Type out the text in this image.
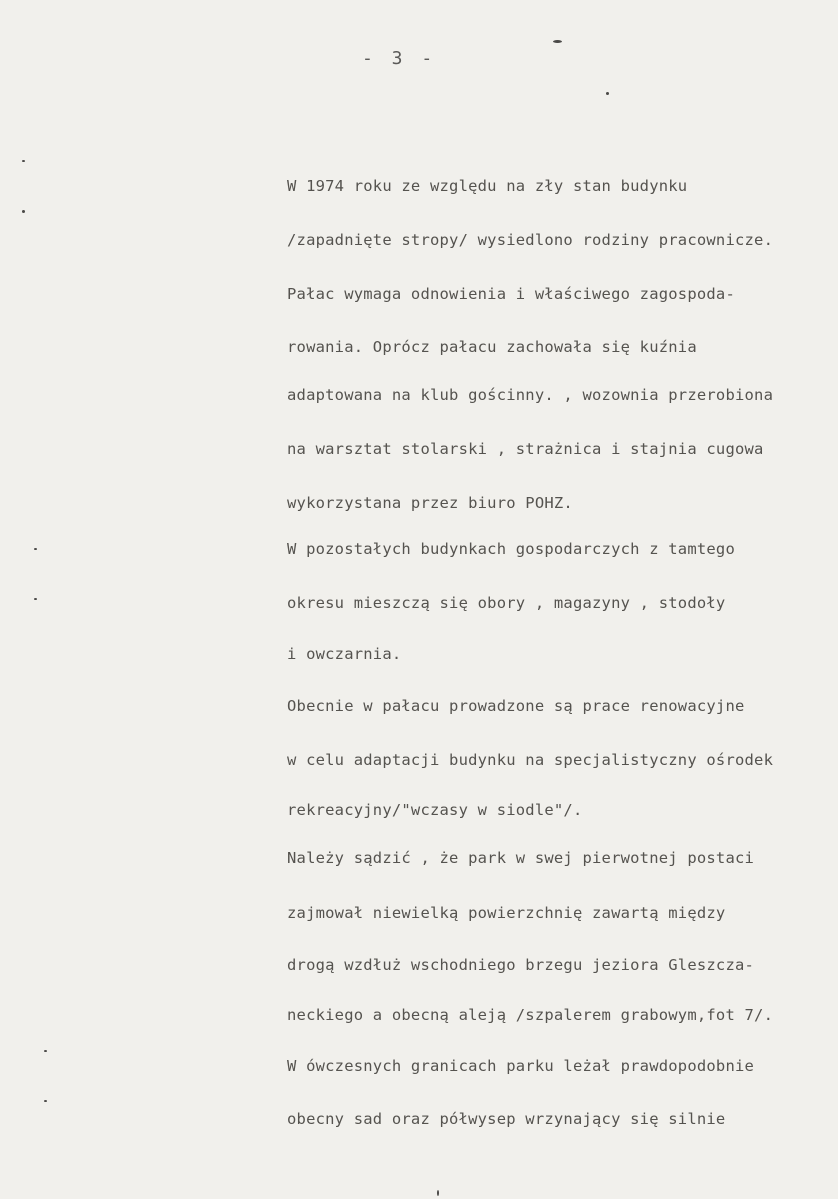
- 3 -
W 1974 roku ze względu na zły stan budynku
/zapadnięte stropy/ wysiedlono rodziny pracownicze.
Pałac wymaga odnowienia i właściwego zagospoda-
rowania. Oprócz pałacu zachowała się kuźnia
adaptowana na klub gościnny. , wozownia przerobiona
na warsztat stolarski , strażnica i stajnia cugowa
wykorzystana przez biuro POHZ.
W pozostałych budynkach gospodarczych z tamtego
okresu mieszczą się obory , magazyny , stodoły
i owczarnia.
Obecnie w pałacu prowadzone są prace renowacyjne
w celu adaptacji budynku na specjalistyczny ośrodek
rekreacyjny/"wczasy w siodle"/.
Należy sądzić , że park w swej pierwotnej postaci
zajmował niewielką powierzchnię zawartą między
drogą wzdłuż wschodniego brzegu jeziora Gleszcza-
neckiego a obecną aleją /szpalerem grabowym,fot 7/.
W ówczesnych granicach parku leżał prawdopodobnie
obecny sad oraz półwysep wrzynający się silnie
